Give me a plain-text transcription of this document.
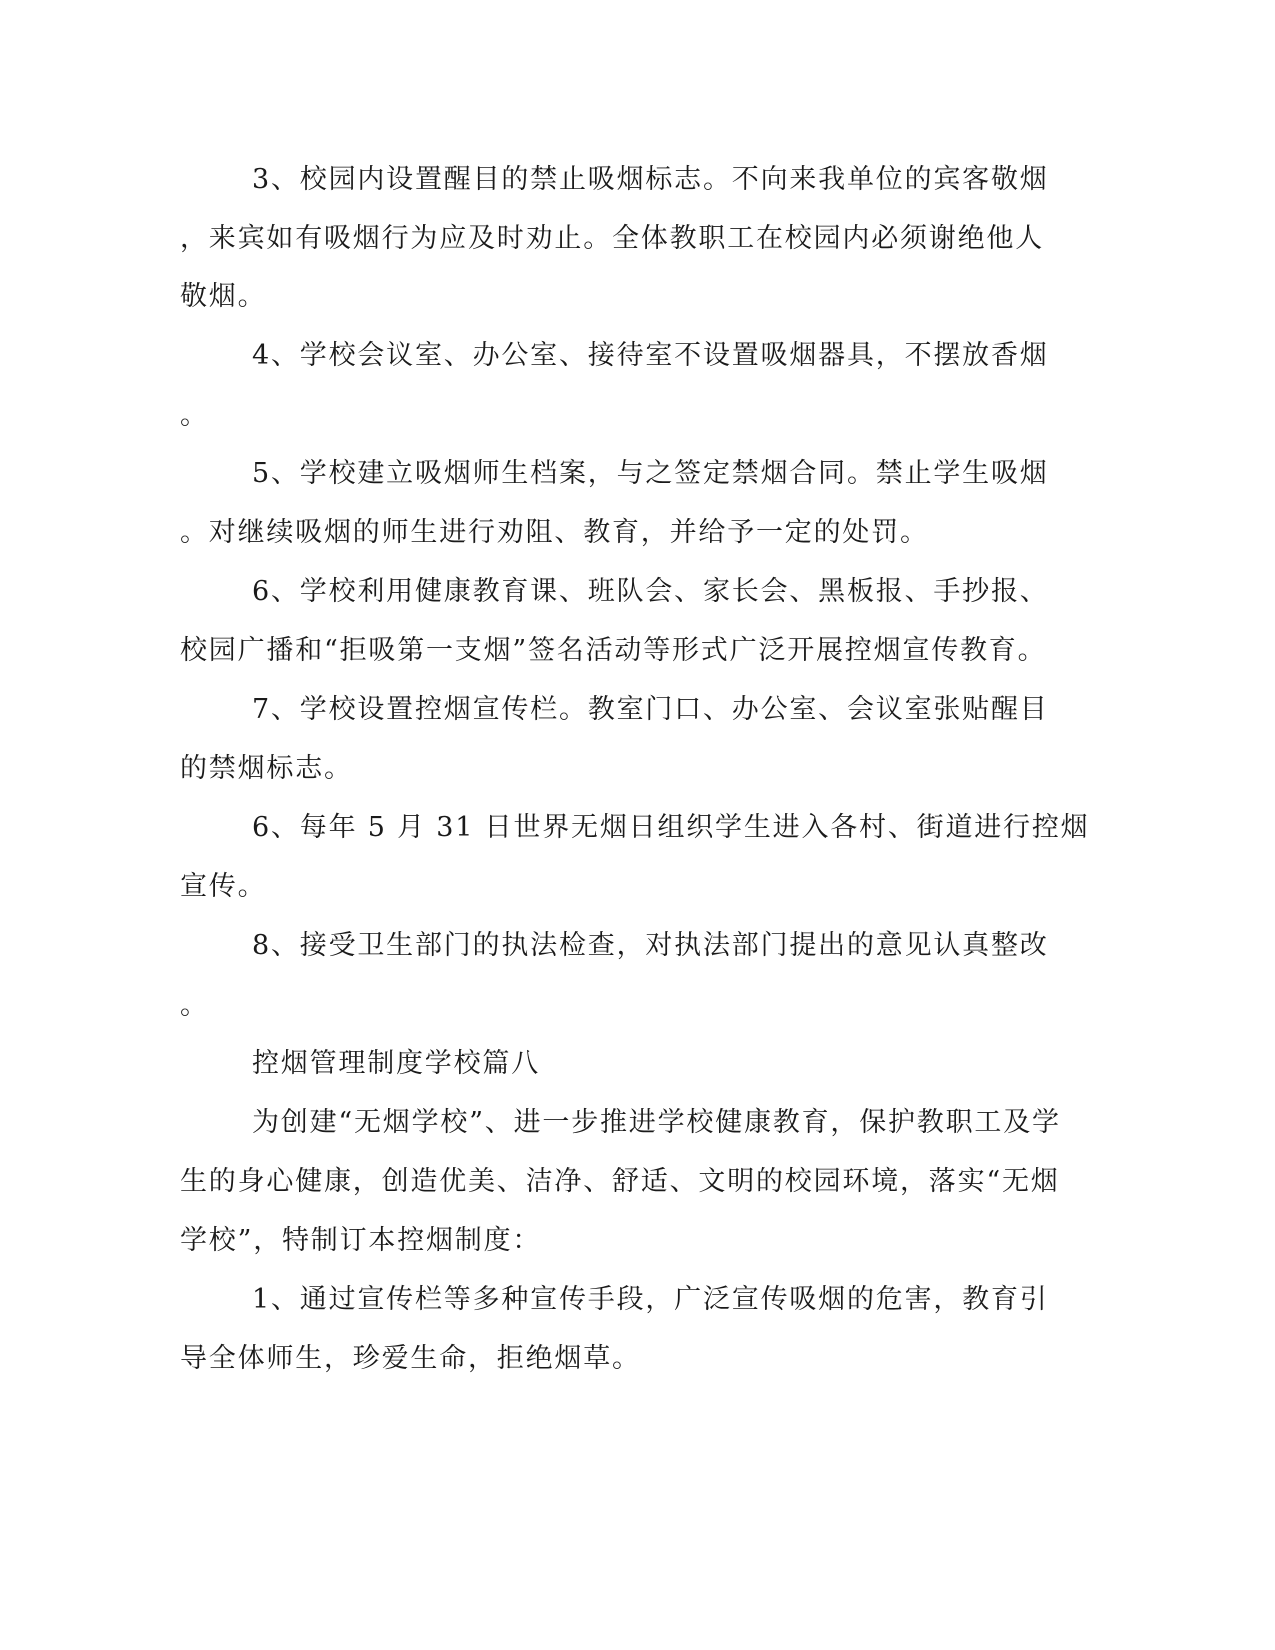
3、校园内设置醒目的禁止吸烟标志。不向来我单位的宾客敬烟
，来宾如有吸烟行为应及时劝止。全体教职工在校园内必须谢绝他人
敬烟。
4、学校会议室、办公室、接待室不设置吸烟器具，不摆放香烟
。
5、学校建立吸烟师生档案，与之签定禁烟合同。禁止学生吸烟
。对继续吸烟的师生进行劝阻、教育，并给予一定的处罚。
6、学校利用健康教育课、班队会、家长会、黑板报、手抄报、
校园广播和“拒吸第一支烟”签名活动等形式广泛开展控烟宣传教育。
7、学校设置控烟宣传栏。教室门口、办公室、会议室张贴醒目
的禁烟标志。
6、每年 5 月 31 日世界无烟日组织学生进入各村、街道进行控烟
宣传。
8、接受卫生部门的执法检查，对执法部门提出的意见认真整改
。
控烟管理制度学校篇八
为创建“无烟学校”、进一步推进学校健康教育，保护教职工及学
生的身心健康，创造优美、洁净、舒适、文明的校园环境，落实“无烟
学校”，特制订本控烟制度：
1、通过宣传栏等多种宣传手段，广泛宣传吸烟的危害，教育引
导全体师生，珍爱生命，拒绝烟草。
